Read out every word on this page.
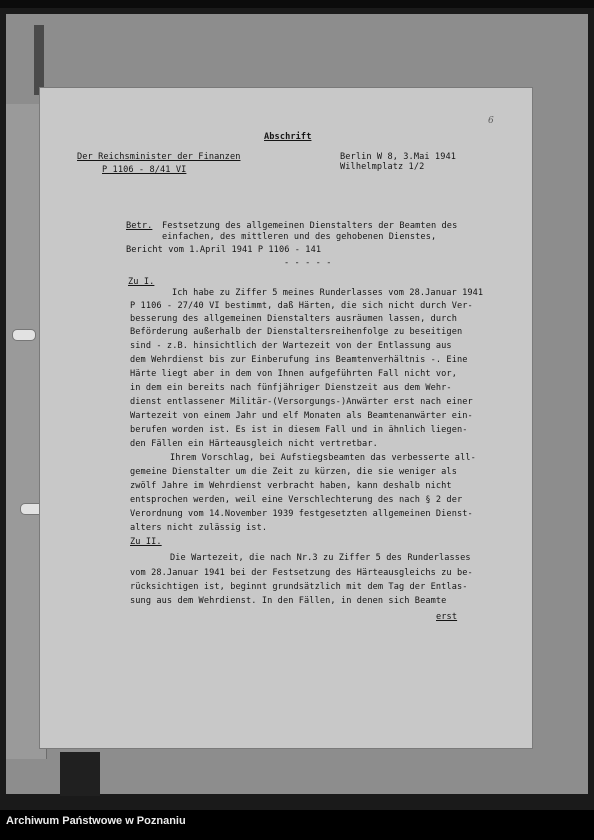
6
Abschrift
Der Reichsminister der Finanzen
P 1106 - 8/41 VI
Berlin W 8, 3.Mai 1941
Wilhelmplatz 1/2
Betr. Festsetzung des allgemeinen Dienstalters der Beamten des
einfachen, des mittleren und des gehobenen Dienstes,
Bericht vom 1.April 1941 P 1106 - 141
- - - - -
Zu I.
Ich habe zu Ziffer 5 meines Runderlasses vom 28.Januar 1941
P 1106 - 27/40 VI bestimmt, daß Härten, die sich nicht durch Ver-
besserung des allgemeinen Dienstalters ausräumen lassen, durch
Beförderung außerhalb der Dienstaltersreihenfolge zu beseitigen
sind - z.B. hinsichtlich der Wartezeit von der Entlassung aus
dem Wehrdienst bis zur Einberufung ins Beamtenverhältnis -. Eine
Härte liegt aber in dem von Ihnen aufgeführten Fall nicht vor,
in dem ein bereits nach fünfjähriger Dienstzeit aus dem Wehr-
dienst entlassener Militär-(Versorgungs-)Anwärter erst nach einer
Wartezeit von einem Jahr und elf Monaten als Beamtenanwärter ein-
berufen worden ist. Es ist in diesem Fall und in ähnlich liegen-
den Fällen ein Härteausgleich nicht vertretbar.
Ihrem Vorschlag, bei Aufstiegsbeamten das verbesserte all-
gemeine Dienstalter um die Zeit zu kürzen, die sie weniger als
zwölf Jahre im Wehrdienst verbracht haben, kann deshalb nicht
entsprochen werden, weil eine Verschlechterung des nach § 2 der
Verordnung vom 14.November 1939 festgesetzten allgemeinen Dienst-
alters nicht zulässig ist.
Zu II.
Die Wartezeit, die nach Nr.3 zu Ziffer 5 des Runderlasses
vom 28.Januar 1941 bei der Festsetzung des Härteausgleichs zu be-
rücksichtigen ist, beginnt grundsätzlich mit dem Tag der Entlas-
sung aus dem Wehrdienst. In den Fällen, in denen sich Beamte
erst
Archiwum Państwowe w Poznaniu
